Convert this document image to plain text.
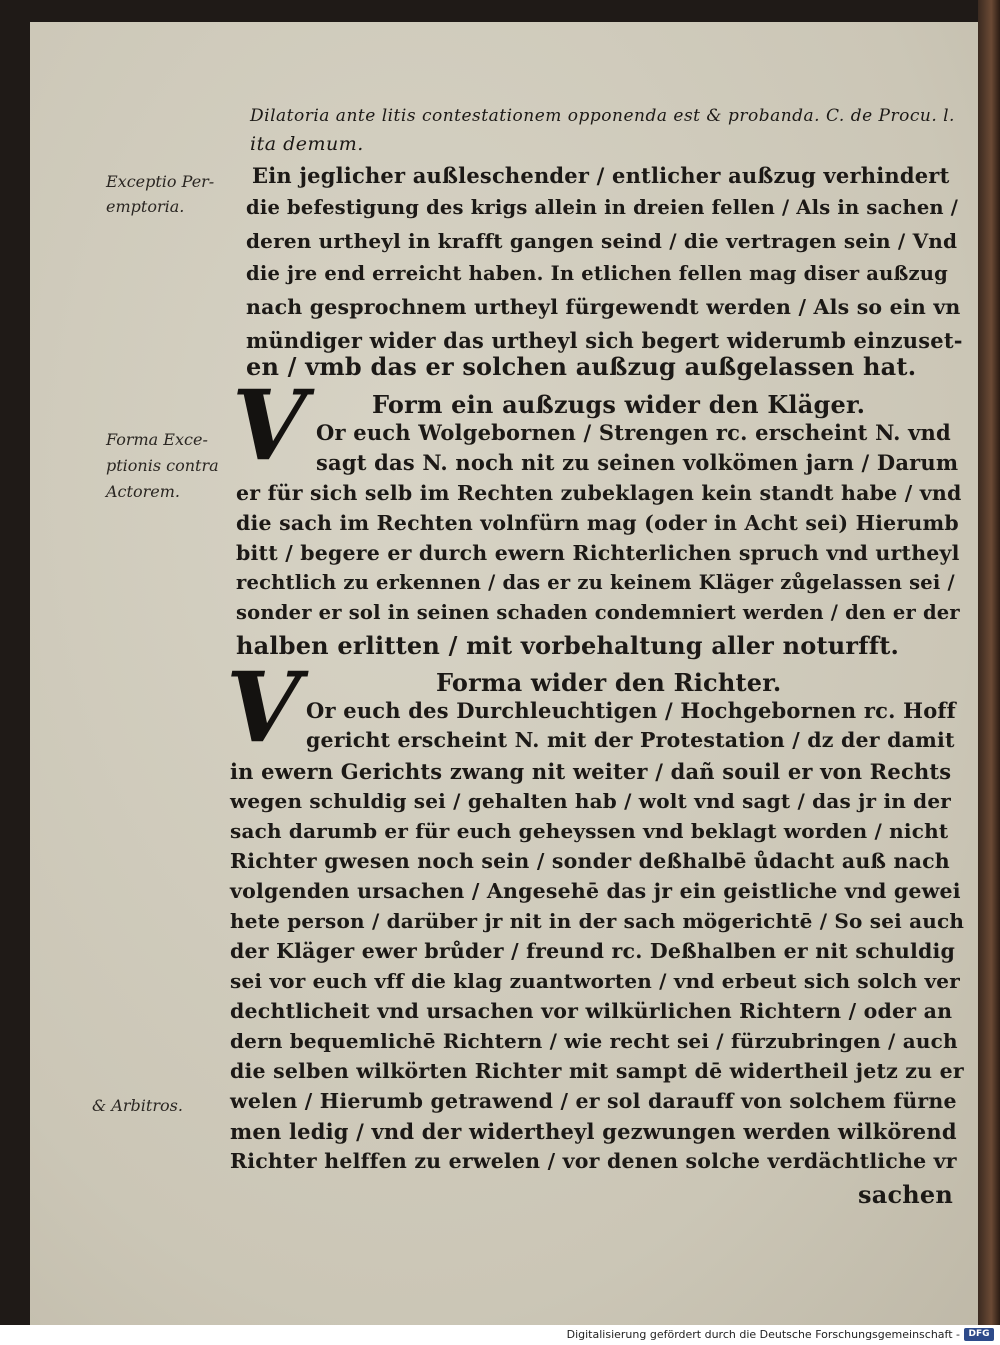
Dilatoria ante litis contestationem opponenda est & probanda. C. de Procu. l.
ita demum.
Ein jeglicher außleschender / entlicher außzug verhindert
die befestigung des krigs allein in dreien fellen / Als in sachen /
deren urtheyl in krafft gangen seind / die vertragen sein / Vnd
die jre end erreicht haben. In etlichen fellen mag diser außzug
nach gesprochnem urtheyl fürgewendt werden / Als so ein vn
mündiger wider das urtheyl sich begert widerumb einzuset-
en / vmb das er solchen außzug außgelassen hat.
Form ein außzugs wider den Kläger.
V Or euch Wolgebornen / Strengen rc. erscheint N. vnd
sagt das N. noch nit zu seinen volkömen jarn / Darum
er für sich selb im Rechten zubeklagen kein standt habe / vnd
die sach im Rechten volnfürn mag (oder in Acht sei) Hierumb
bitt / begere er durch ewern Richterlichen spruch vnd urtheyl
rechtlich zu erkennen / das er zu keinem Kläger zůgelassen sei /
sonder er sol in seinen schaden condemniert werden / den er der
halben erlitten / mit vorbehaltung aller noturfft.
Forma wider den Richter.
V Or euch des Durchleuchtigen / Hochgebornen rc. Hoff
gericht erscheint N. mit der Protestation / dz der damit
in ewern Gerichts zwang nit weiter / dañ souil er von Rechts
wegen schuldig sei / gehalten hab / wolt vnd sagt / das jr in der
sach darumb er für euch geheyssen vnd beklagt worden / nicht
Richter gwesen noch sein / sonder deßhalbē ůdacht auß nach
volgenden ursachen / Angesehē das jr ein geistliche vnd gewei
hete person / darüber jr nit in der sach mögerichtē / So sei auch
der Kläger ewer brůder / freund rc. Deßhalben er nit schuldig
sei vor euch vff die klag zuantworten / vnd erbeut sich solch ver
dechtlicheit vnd ursachen vor wilkürlichen Richtern / oder an
dern bequemlichē Richtern / wie recht sei / fürzubringen / auch
die selben wilkörten Richter mit sampt dē widertheil jetz zu er
welen / Hierumb getrawend / er sol darauff von solchem fürne
men ledig / vnd der widertheyl gezwungen werden wilkörend
Richter helffen zu erwelen / vor denen solche verdächtliche vr
sachen
Exceptio Per-
emptoria.
Forma Exce-
ptionis contra
Actorem.
& Arbitros.
Digitalisierung gefördert durch die Deutsche Forschungsgemeinschaft - DFG
